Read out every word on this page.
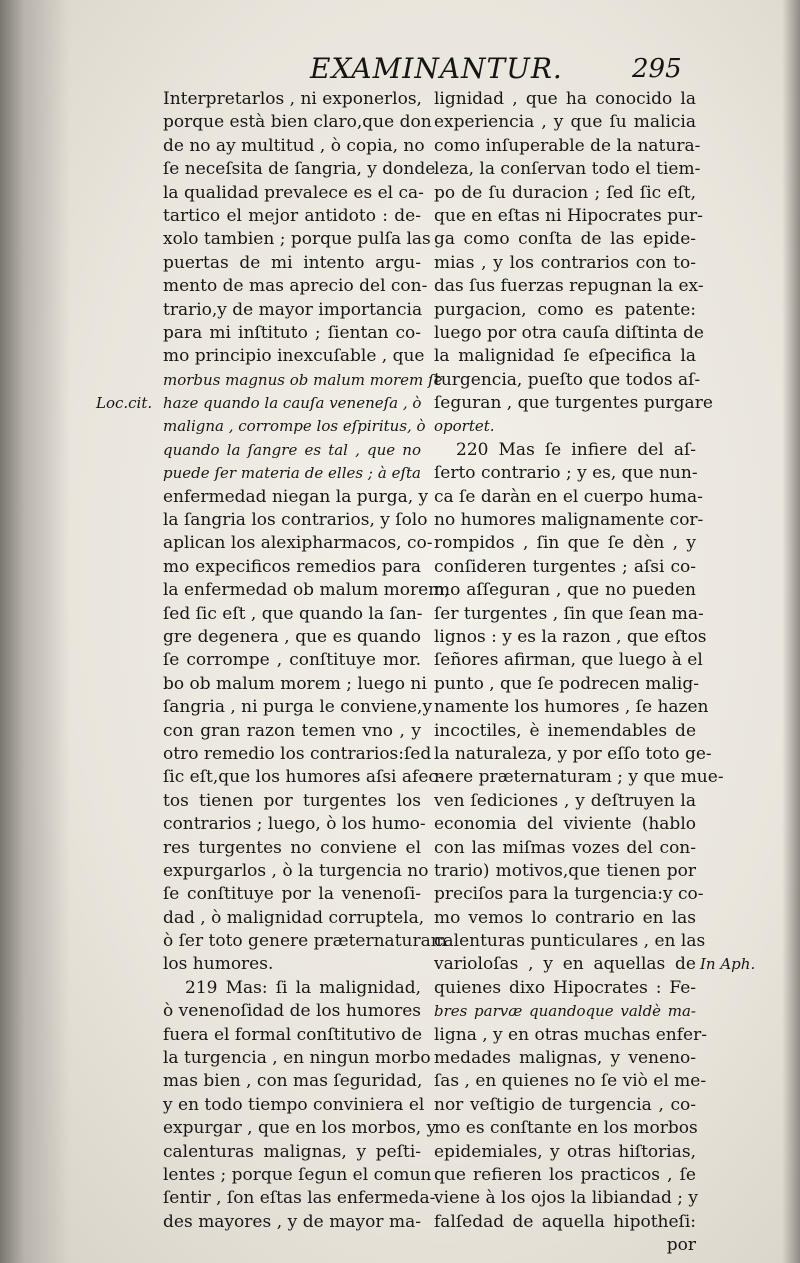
EXAMINANTUR.	295
Loc.cit.
In Aph.
Interpretarlos , ni exponerlos,
porque està bien claro,que don
de no ay multitud , ò copia, no
ſe neceſsita de ſangria, y donde
la qualidad prevalece es el ca-
tartico el mejor antidoto : de-
xolo tambien ; porque pulſa las
puertas de mi intento argu-
mento de mas aprecio del con-
trario,y de mayor importancia
para mi inſtituto ; ſientan co-
mo principio inexcuſable , que
morbus magnus ob malum morem ſe
haze quando la cauſa veneneſa , ò
maligna , corrompe los eſpiritus, ò
quando la ſangre es tal , que no
puede ſer materia de elles ; à eſta
enfermedad niegan la purga, y
la ſangria los contrarios, y ſolo
aplican los alexipharmacos, co-
mo expecificos remedios para
la enfermedad ob malum morem;
ſed ſic eſt , que quando la ſan-
gre degenera , que es quando
ſe corrompe , conſtituye mor.
bo ob malum morem ; luego ni
ſangria , ni purga le conviene,y
con gran razon temen vno , y
otro remedio los contrarios:ſed
ſic eſt,que los humores aſsi afec-
tos tienen por turgentes los
contrarios ; luego, ò los humo-
res turgentes no conviene el
expurgarlos , ò la turgencia no
ſe conſtituye por la venenoſi-
dad , ò malignidad corruptela,
ò ſer toto genere præternaturam
los humores.
219 Mas: ſi la malignidad,
ò venenoſidad de los humores
fuera el formal conſtitutivo de
la turgencia , en ningun morbo
mas bien , con mas ſeguridad,
y en todo tiempo conviniera el
expurgar , que en los morbos, y
calenturas malignas, y peſti-
lentes ; porque ſegun el comun
ſentir , ſon eſtas las enfermeda-
des mayores , y de mayor ma-
lignidad , que ha conocido la
experiencia , y que ſu malicia
como inſuperable de la natura-
leza, la conſervan todo el tiem-
po de ſu duracion ; ſed ſic eſt,
que en eſtas ni Hipocrates pur-
ga como conſta de las epide-
mias , y los contrarios con to-
das ſus fuerzas repugnan la ex-
purgacion, como es patente:
luego por otra cauſa diſtinta de
la malignidad ſe eſpecifica la
turgencia, pueſto que todos aſ-
ſeguran , que turgentes purgare
oportet.
220 Mas ſe infiere del aſ-
ſerto contrario ; y es, que nun-
ca ſe daràn en el cuerpo huma-
no humores malignamente cor-
rompidos , ſin que ſe dèn , y
conſideren turgentes ; aſsi co-
mo aſſeguran , que no pueden
ſer turgentes , ſin que ſean ma-
lignos : y es la razon , que eſtos
ſeñores afirman, que luego à el
punto , que ſe podrecen malig-
namente los humores , ſe hazen
incoctiles, è inemendables de
la naturaleza, y por eſſo toto ge-
nere præternaturam ; y que mue-
ven ſediciones , y deſtruyen la
economia del viviente (hablo
con las miſmas vozes del con-
trario) motivos,que tienen por
preciſos para la turgencia:y co-
mo vemos lo contrario en las
calenturas punticulares , en las
varioloſas , y en aquellas de
quienes dixo Hipocrates : Fe-
bres parvæ quandoque valdè ma-
ligna , y en otras muchas enfer-
medades malignas, y veneno-
ſas , en quienes no ſe viò el me-
nor veſtigio de turgencia , co-
mo es conſtante en los morbos
epidemiales, y otras hiſtorias,
que refieren los practicos , ſe
viene à los ojos la libiandad ; y
falſedad de aquella hipotheſi:
por
